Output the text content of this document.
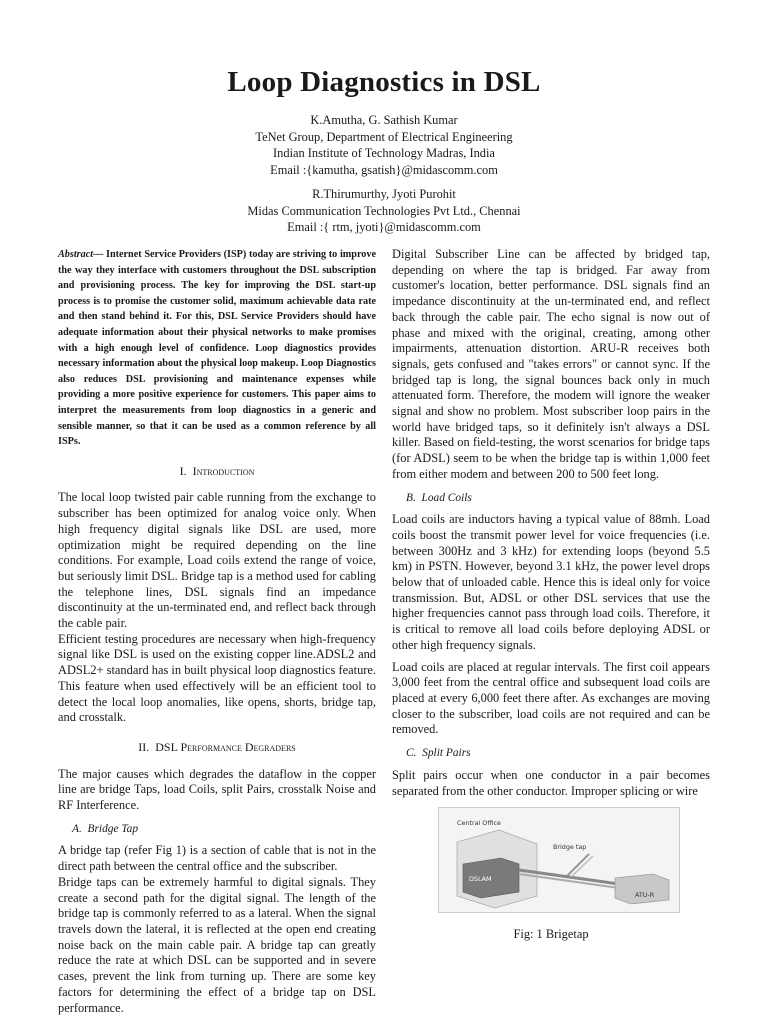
Loop Diagnostics in DSL
K.Amutha, G. Sathish Kumar
TeNet Group, Department of Electrical Engineering
Indian Institute of Technology Madras, India
Email :{kamutha, gsatish}@midascomm.com
R.Thirumurthy, Jyoti Purohit
Midas Communication Technologies Pvt Ltd., Chennai
Email :{ rtm, jyoti}@midascomm.com

Abstract— Internet Service Providers (ISP) today are striving to improve the way they interface with customers throughout the DSL subscription and provisioning process. The key for improving the DSL start-up process is to promise the customer solid, maximum achievable data rate and then stand behind it. For this, DSL Service Providers should have adequate information about their physical networks to make promises with a high enough level of confidence. Loop diagnostics provides necessary information about the physical loop makeup. Loop Diagnostics also reduces DSL provisioning and maintenance expenses while providing a more positive experience for customers. This paper aims to interpret the measurements from loop diagnostics in a generic and sensible manner, so that it can be used as a common reference by all ISPs.

I. Introduction

The local loop twisted pair cable running from the exchange to subscriber has been optimized for analog voice only. When high frequency digital signals like DSL are used, more optimization might be required depending on the line conditions. For example, Load coils extend the range of voice, but seriously limit DSL. Bridge tap is a method used for cabling the telephone lines, DSL signals find an impedance discontinuity at the un-terminated end, and reflect back through the cable pair.

Efficient testing procedures are necessary when high-frequency signal like DSL is used on the existing copper line.ADSL2 and ADSL2+ standard has in built physical loop diagnostics feature. This feature when used effectively will be an efficient tool to detect the local loop anomalies, like opens, shorts, bridge tap, and crosstalk.

II. DSL Performance Degraders

The major causes which degrades the dataflow in the copper line are bridge Taps, load Coils, split Pairs, crosstalk Noise and RF Interference.

A. Bridge Tap

A bridge tap (refer Fig 1) is a section of cable that is not in the direct path between the central office and the subscriber.

Bridge taps can be extremely harmful to digital signals. They create a second path for the digital signal. The length of the bridge tap is commonly referred to as a lateral. When the signal travels down the lateral, it is reflected at the open end creating noise back on the main cable pair. A bridge tap can greatly reduce the rate at which DSL can be supported and in severe cases, prevent the link from turning up. There are some key factors for determining the effect of a bridge tap on DSL performance.

Digital Subscriber Line can be affected by bridged tap, depending on where the tap is bridged. Far away from customer's location, better performance. DSL signals find an impedance discontinuity at the un-terminated end, and reflect back through the cable pair. The echo signal is now out of phase and mixed with the original, creating, among other impairments, attenuation distortion. ARU-R receives both signals, gets confused and "takes errors" or cannot sync. If the bridged tap is long, the signal bounces back only in much attenuated form. Therefore, the modem will ignore the weaker signal and show no problem. Most subscriber loop pairs in the world have bridged taps, so it definitely isn't always a DSL killer. Based on field-testing, the worst scenarios for bridge taps (for ADSL) seem to be when the bridge tap is within 1,000 feet from either modem and between 200 to 500 feet long.

B. Load Coils

Load coils are inductors having a typical value of 88mh. Load coils boost the transmit power level for voice frequencies (i.e. between 300Hz and 3 kHz) for extending loops (beyond 5.5 km) in PSTN. However, beyond 3.1 kHz, the power level drops below that of unloaded cable. Hence this is ideal only for voice transmission. But, ADSL or other DSL services that use the higher frequencies cannot pass through load coils. Therefore, it is critical to remove all load coils before deploying ADSL or other high frequency signals.

Load coils are placed at regular intervals. The first coil appears 3,000 feet from the central office and subsequent load coils are placed at every 6,000 feet there after. As exchanges are moving closer to the subscriber, load coils are not required and can be removed.

C. Split Pairs

Split pairs occur when one conductor in a pair becomes separated from the other conductor. Improper splicing or wire

Central Office
Bridge tap
DSLAM
ATU-R
Fig: 1 Brigetap
